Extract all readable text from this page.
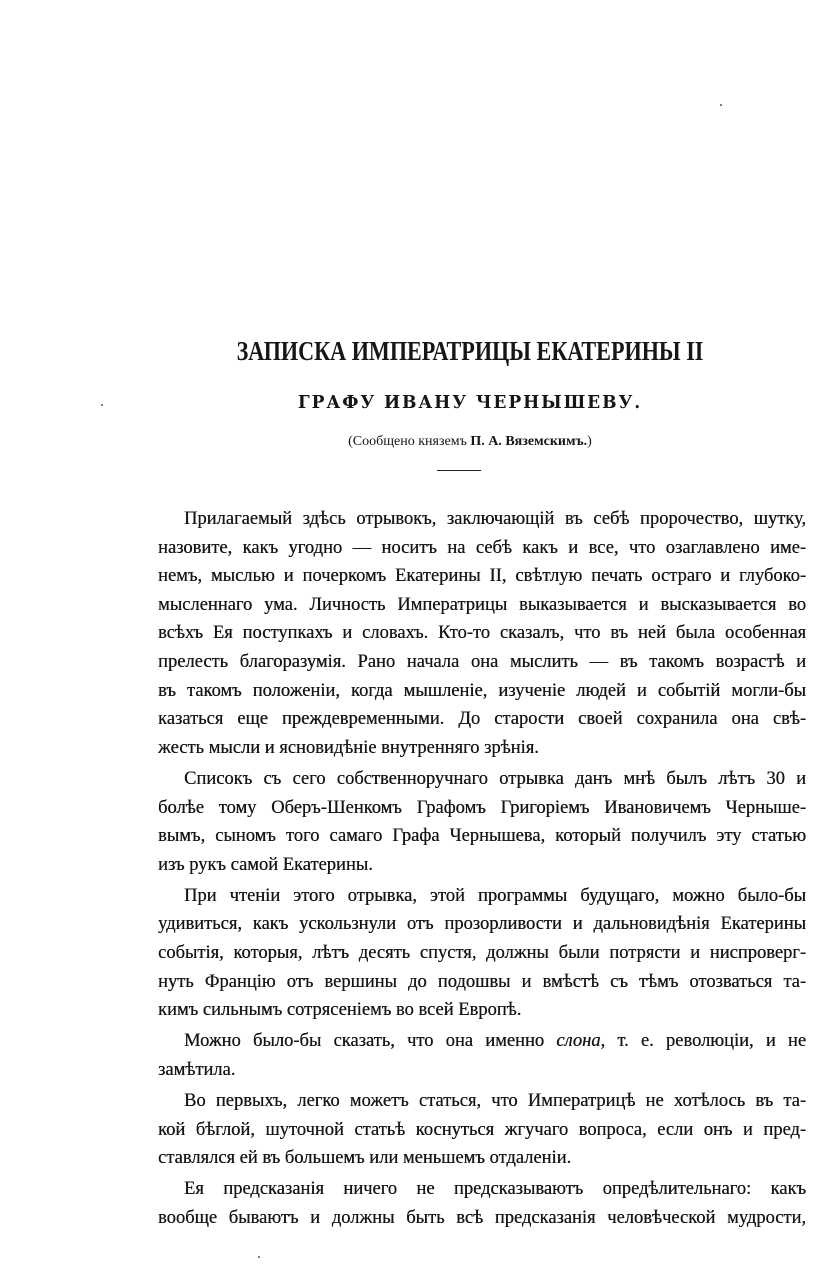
ЗАПИСКА ИМПЕРАТРИЦЫ ЕКАТЕРИНЫ II
ГРАФУ ИВАНУ ЧЕРНЫШЕВУ.
(Сообщено княземъ П. А. Вяземскимъ.)
Прилагаемый здѣсь отрывокъ, заключающій въ себѣ пророчество, шутку,
назовите, какъ угодно — носитъ на себѣ какъ и все, что озаглавлено име-
немъ, мыслью и почеркомъ Екатерины II, свѣтлую печать остраго и глубоко-
мысленнаго ума. Личность Императрицы выказывается и высказывается во
всѣхъ Ея поступкахъ и словахъ. Кто-то сказалъ, что въ ней была особенная
прелесть благоразумія. Рано начала она мыслить — въ такомъ возрастѣ и
въ такомъ положеніи, когда мышленіе, изученіе людей и событій могли-бы
казаться еще преждевременными. До старости своей сохранила она свѣ-
жесть мысли и ясновидѣніе внутренняго зрѣнія.
Списокъ съ сего собственноручнаго отрывка данъ мнѣ былъ лѣтъ 30 и
болѣе тому Оберъ-Шенкомъ Графомъ Григоріемъ Ивановичемъ Чернышe-
вымъ, сыномъ того самаго Графа Чернышева, который получилъ эту статью
изъ рукъ самой Екатерины.
При чтеніи этого отрывка, этой программы будущаго, можно было-бы
удивиться, какъ ускользнули отъ прозорливости и дальновидѣнія Екатерины
событія, которыя, лѣтъ десять спустя, должны были потрясти и ниспроверг-
нуть Францію отъ вершины до подошвы и вмѣстѣ съ тѣмъ отозваться та-
кимъ сильнымъ сотрясеніемъ во всей Европѣ.
Можно было-бы сказать, что она именно слона, т. е. революціи, и не
замѣтила.
Во первыхъ, легко можетъ статься, что Императрицѣ не хотѣлось въ та-
кой бѣглой, шуточной статьѣ коснуться жгучаго вопроса, если онъ и пред-
ставлялся ей въ большемъ или меньшемъ отдаленіи.
Ея предсказанія ничего не предсказываютъ опредѣлительнаго: какъ
вообще бываютъ и должны быть всѣ предсказанія человѣческой мудрости,
